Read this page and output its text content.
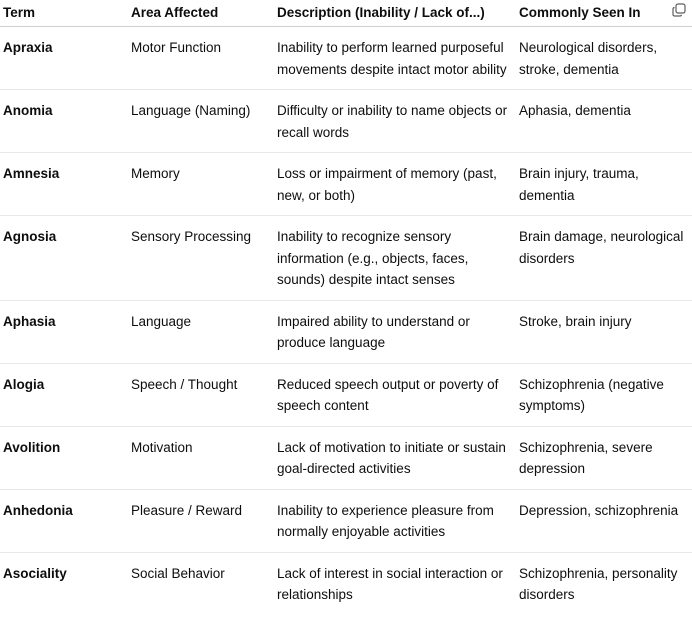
Term	Area Affected	Description (Inability / Lack of...)	Commonly Seen In
Apraxia	Motor Function	Inability to perform learned purposeful movements despite intact motor ability	Neurological disorders, stroke, dementia
Anomia	Language (Naming)	Difficulty or inability to name objects or recall words	Aphasia, dementia
Amnesia	Memory	Loss or impairment of memory (past, new, or both)	Brain injury, trauma, dementia
Agnosia	Sensory Processing	Inability to recognize sensory information (e.g., objects, faces, sounds) despite intact senses	Brain damage, neurological disorders
Aphasia	Language	Impaired ability to understand or produce language	Stroke, brain injury
Alogia	Speech / Thought	Reduced speech output or poverty of speech content	Schizophrenia (negative symptoms)
Avolition	Motivation	Lack of motivation to initiate or sustain goal-directed activities	Schizophrenia, severe depression
Anhedonia	Pleasure / Reward	Inability to experience pleasure from normally enjoyable activities	Depression, schizophrenia
Asociality	Social Behavior	Lack of interest in social interaction or relationships	Schizophrenia, personality disorders
